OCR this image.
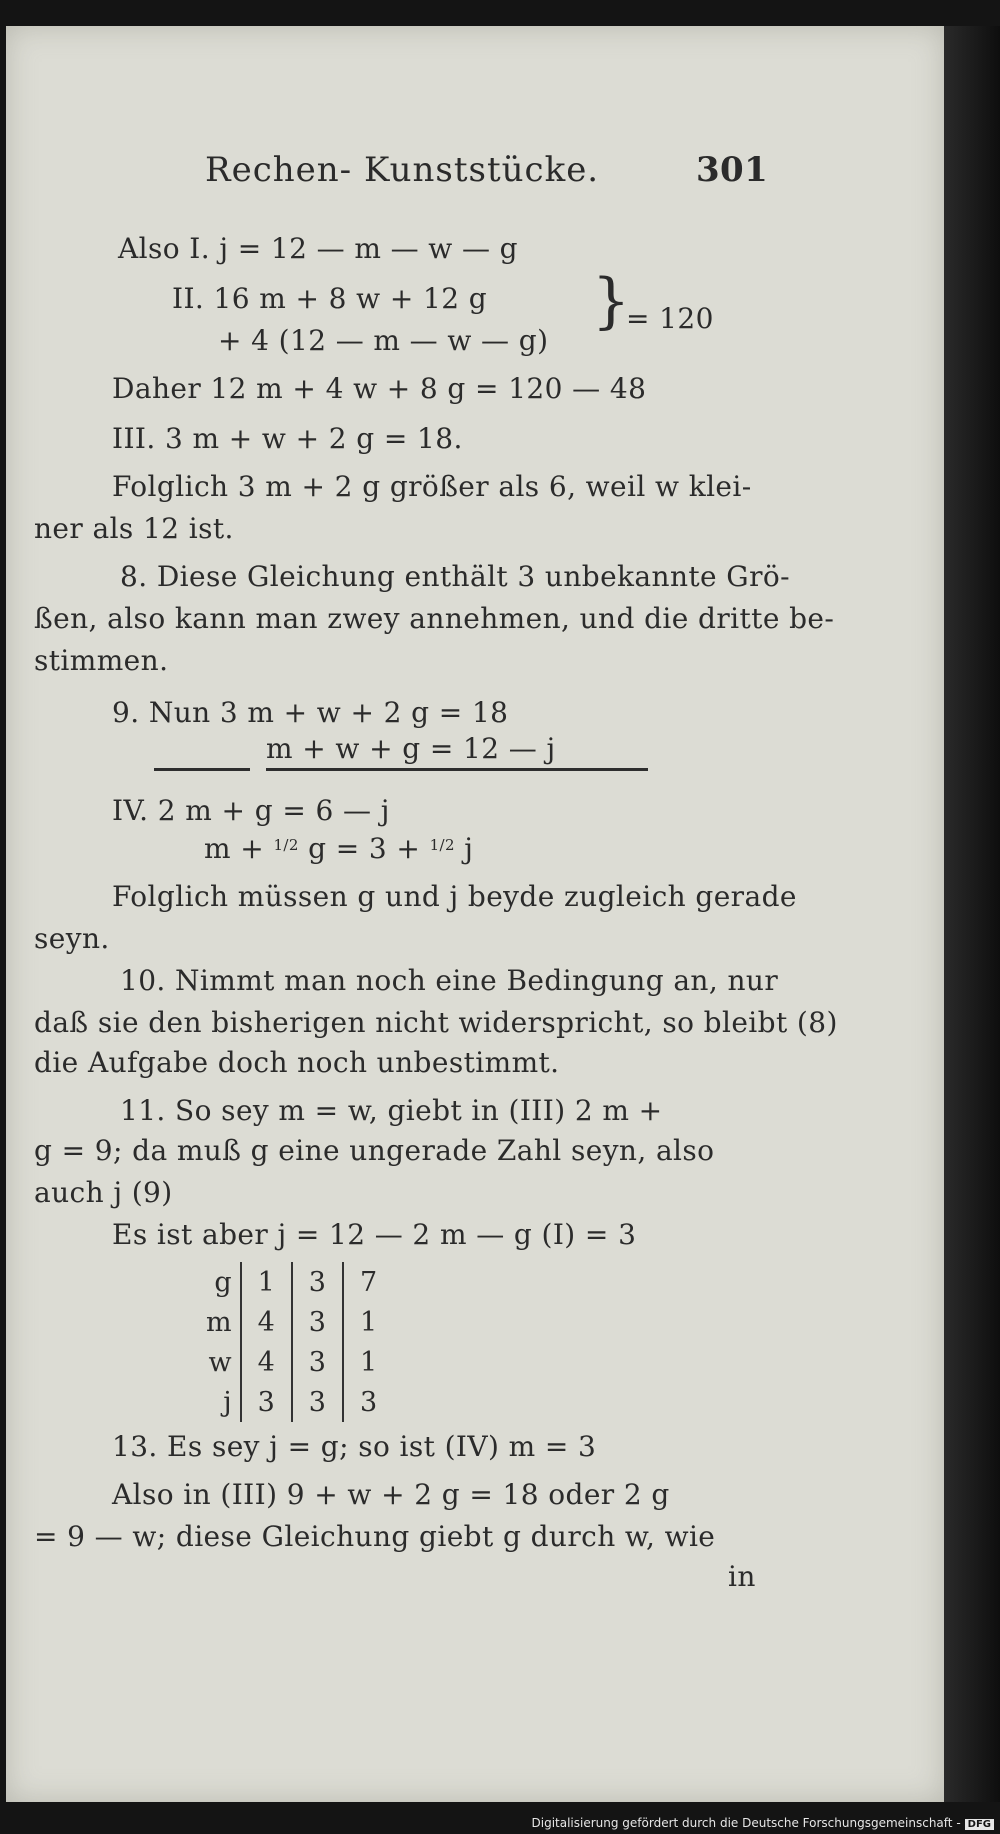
Rechen- Kunststücke.	301
Also I. j = 12 — m — w — g
II. 16 m + 8 w + 12 g
+ 4 (12 — m — w — g)
}
= 120
Daher 12 m + 4 w + 8 g = 120 — 48
III. 3 m + w + 2 g = 18.
Folglich 3 m + 2 g größer als 6, weil w klei-
ner als 12 ist.
8. Diese Gleichung enthält 3 unbekannte Grö-
ßen, also kann man zwey annehmen, und die dritte be-
stimmen.
9. Nun 3 m + w + 2 g = 18
m + w + g = 12 — j
IV. 2 m + g = 6 — j
m + $^{1/2}$ g = 3 + $^{1/2}$ j
Folglich müssen g und j beyde zugleich gerade
seyn.
10. Nimmt man noch eine Bedingung an, nur
daß sie den bisherigen nicht widerspricht, so bleibt (8)
die Aufgabe doch noch unbestimmt.
11. So sey m = w, giebt in (III) 2 m +
g = 9; da muß g eine ungerade Zahl seyn, also
auch j (9)
Es ist aber j = 12 — 2 m — g (I) = 3
g	1	3	7
m	4	3	1
w	4	3	1
j	3	3	3
13. Es sey j = g; so ist (IV) m = 3
Also in (III) 9 + w + 2 g = 18 oder 2 g
= 9 — w; diese Gleichung giebt g durch w, wie
in
Digitalisierung gefördert durch die Deutsche Forschungsgemeinschaft - DFG
